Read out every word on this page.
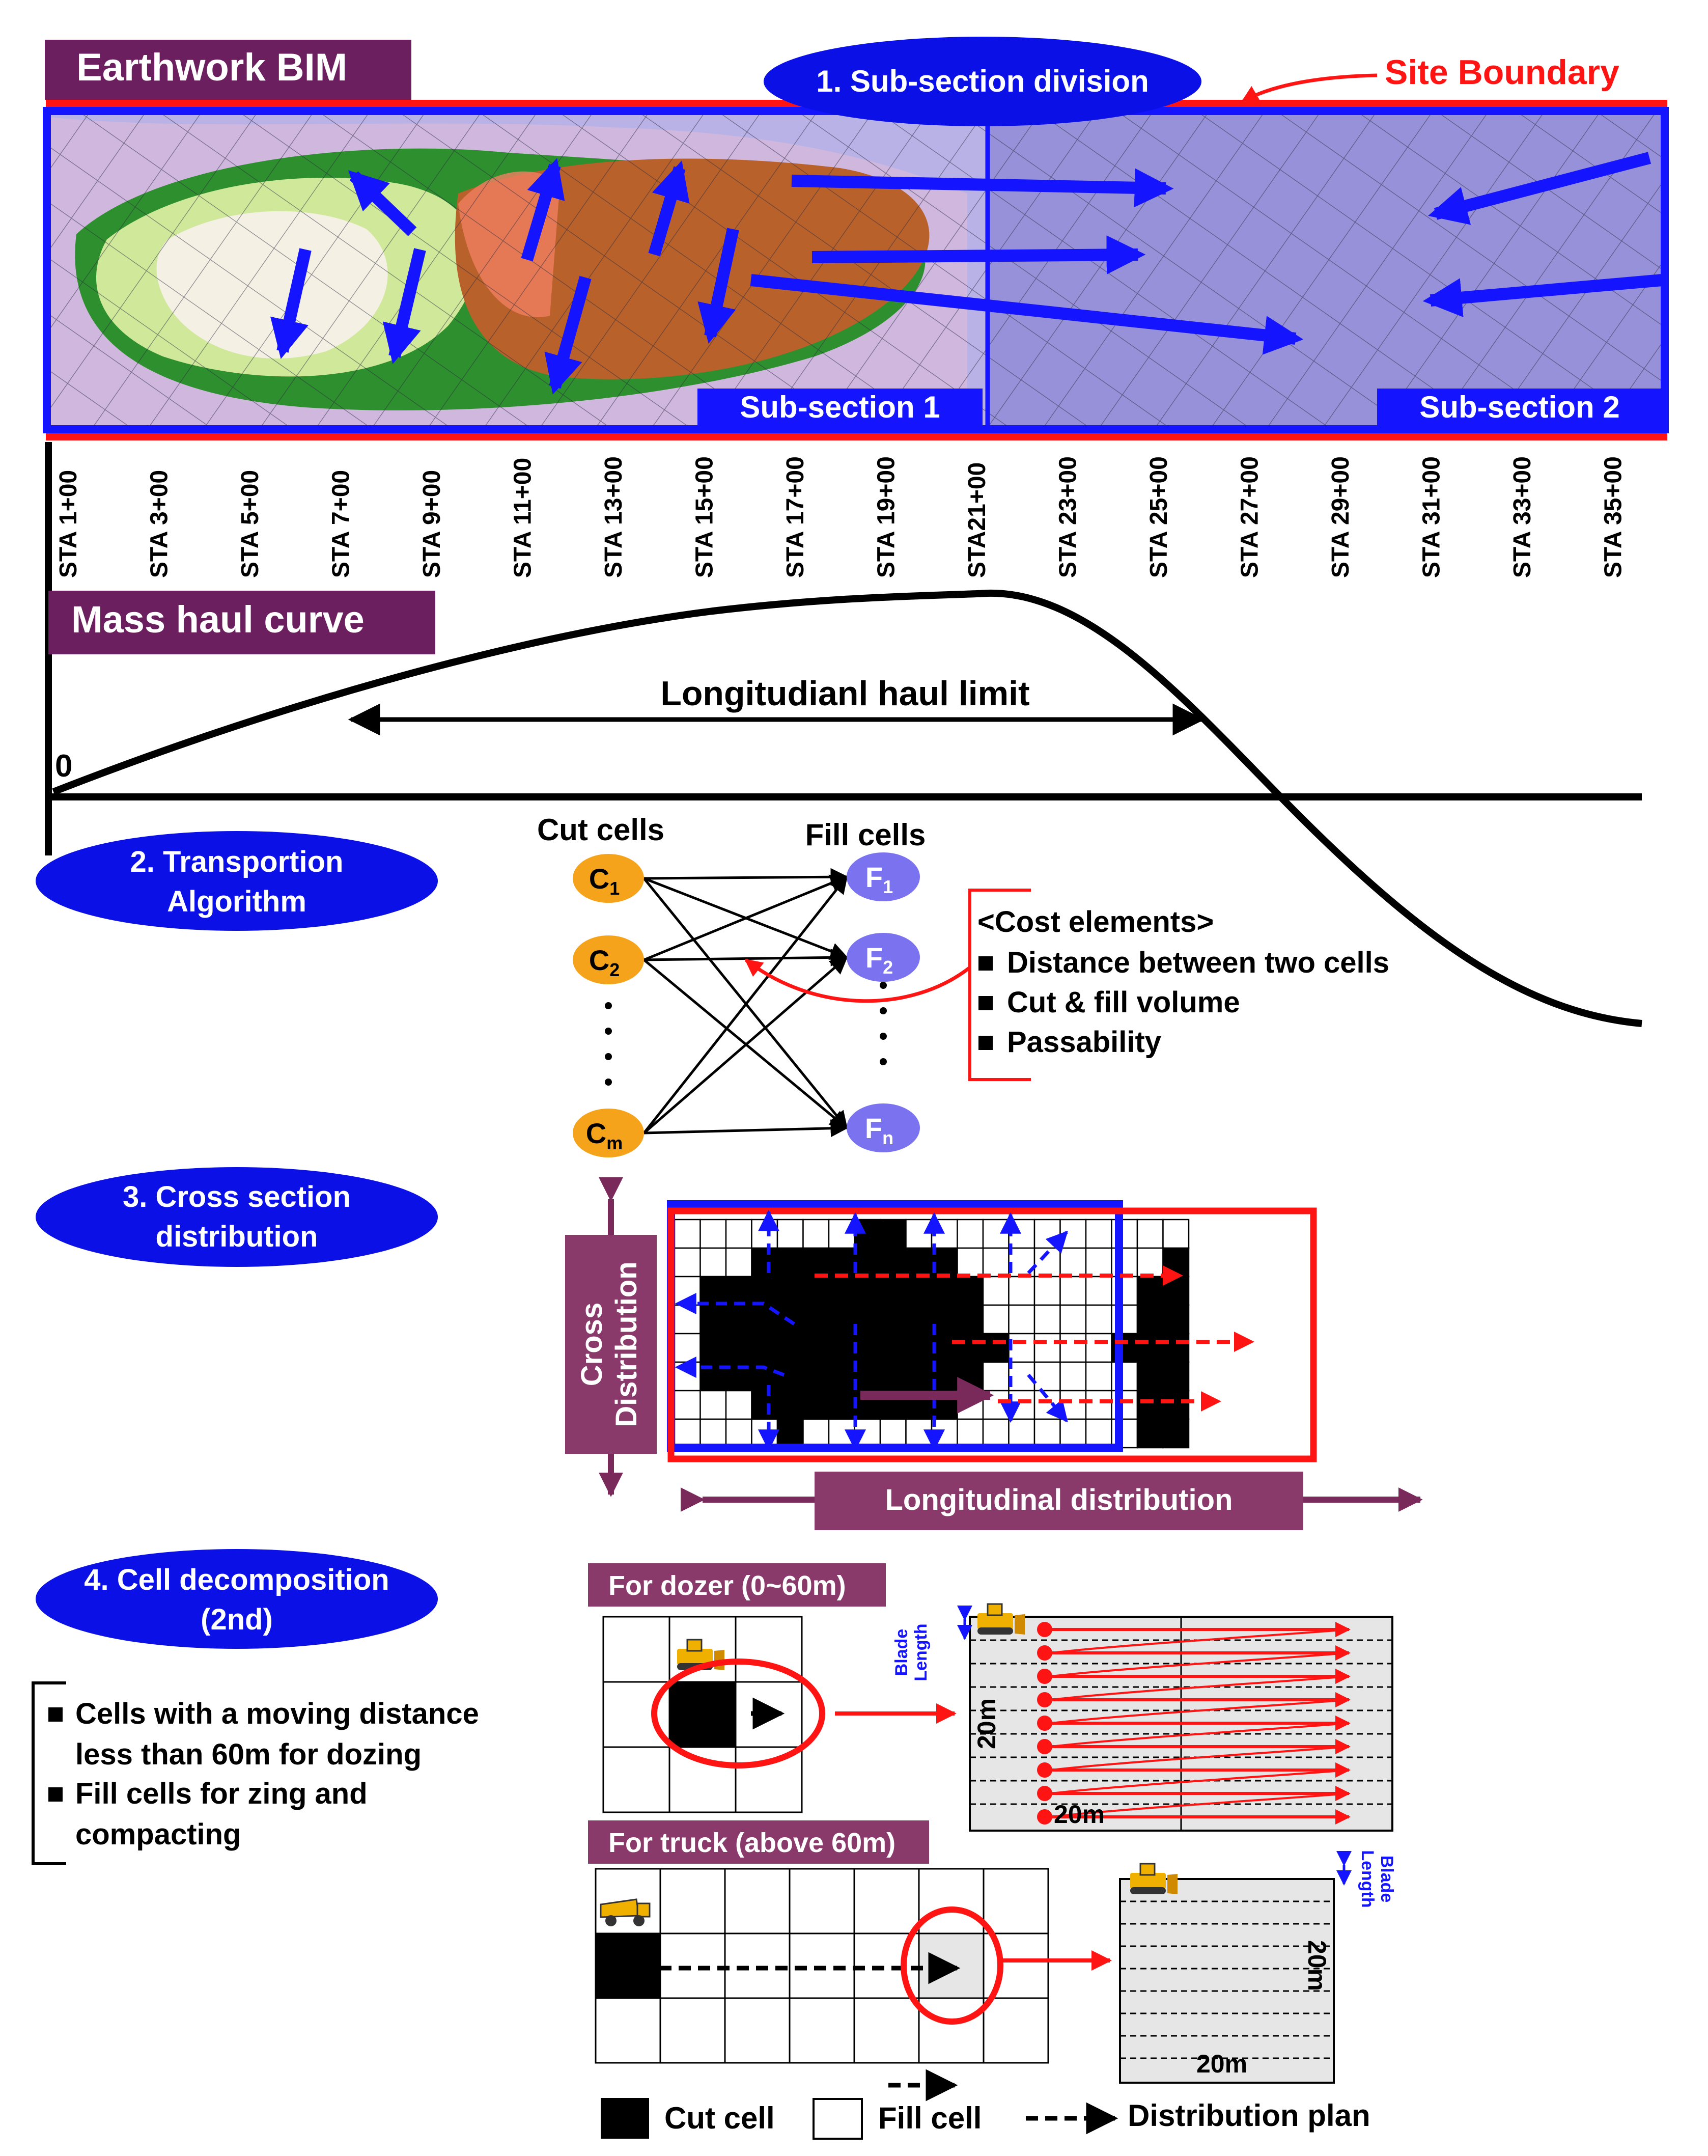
Sub-section 1	Sub-section 2
Earthwork BIM	1. Sub-section division	Site Boundary
STA 1+00	STA 3+00	STA 5+00	STA 7+00	STA 9+00	STA 11+00	STA 13+00	STA 15+00	STA 17+00	STA 19+00	STA21+00	STA 23+00	STA 25+00	STA 27+00	STA 29+00	STA 31+00	STA 33+00	STA 35+00
Mass haul curve
0
Longitudianl haul limit
2. Transportion
Algorithm
Cut cells	Fill cells
$C_1$
$C_2$
$C_m$
$F_1$
$F_2$
$F_n$
<Cost elements>
Distance between two cells
Cut & fill volume
Passability
3. Cross section
distribution
Cross Distribution
Longitudinal distribution
4. Cell decomposition
(2nd)
Cells with a moving distance
less than 60m for dozing
Fill cells for zing and
compacting
For dozer (0~60m)
Blade Length
20m
20m
For truck (above 60m)
Blade
Length
20m
20m
Cut cell	Fill cell	Distribution plan
